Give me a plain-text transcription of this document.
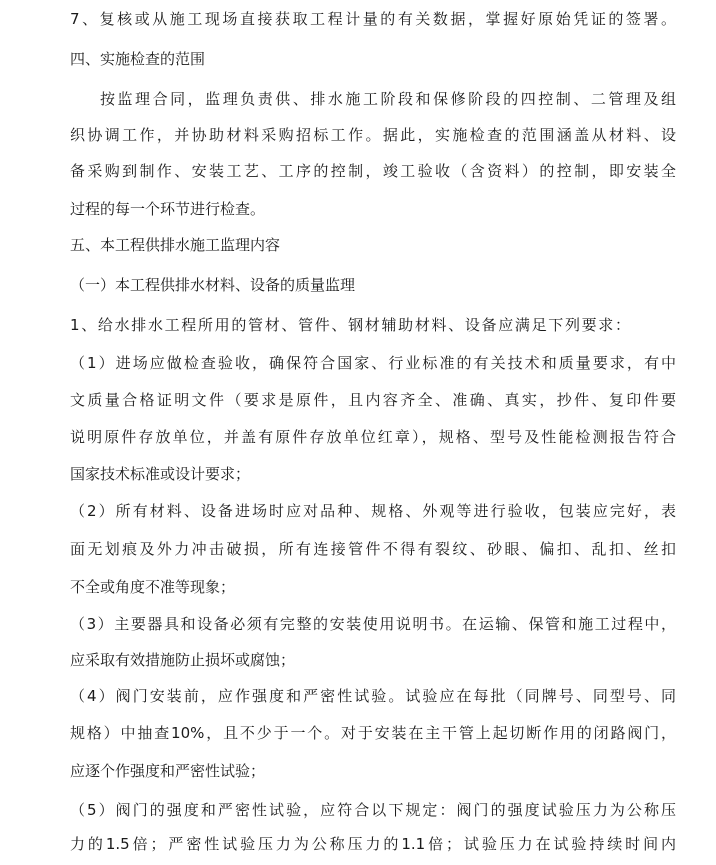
7、复核或从施工现场直接获取工程计量的有关数据，掌握好原始凭证的签署。
四、实施检查的范围
按监理合同，监理负责供、排水施工阶段和保修阶段的四控制、二管理及组
织协调工作，并协助材料采购招标工作。据此，实施检查的范围涵盖从材料、设
备采购到制作、安装工艺、工序的控制，竣工验收（含资料）的控制，即安装全
过程的每一个环节进行检查。
五、本工程供排水施工监理内容
（一）本工程供排水材料、设备的质量监理
1、给水排水工程所用的管材、管件、钢材辅助材料、设备应满足下列要求：
（1）进场应做检查验收，确保符合国家、行业标准的有关技术和质量要求，有中
文质量合格证明文件（要求是原件，且内容齐全、准确、真实，抄件、复印件要
说明原件存放单位，并盖有原件存放单位红章），规格、型号及性能检测报告符合
国家技术标准或设计要求；
（2）所有材料、设备进场时应对品种、规格、外观等进行验收，包装应完好，表
面无划痕及外力冲击破损，所有连接管件不得有裂纹、砂眼、偏扣、乱扣、丝扣
不全或角度不准等现象；
（3）主要器具和设备必须有完整的安装使用说明书。在运输、保管和施工过程中，
应采取有效措施防止损坏或腐蚀；
（4）阀门安装前，应作强度和严密性试验。试验应在每批（同牌号、同型号、同
规格）中抽查10%，且不少于一个。对于安装在主干管上起切断作用的闭路阀门，
应逐个作强度和严密性试验；
（5）阀门的强度和严密性试验，应符合以下规定：阀门的强度试验压力为公称压
力的1.5倍；严密性试验压力为公称压力的1.1倍；试验压力在试验持续时间内
